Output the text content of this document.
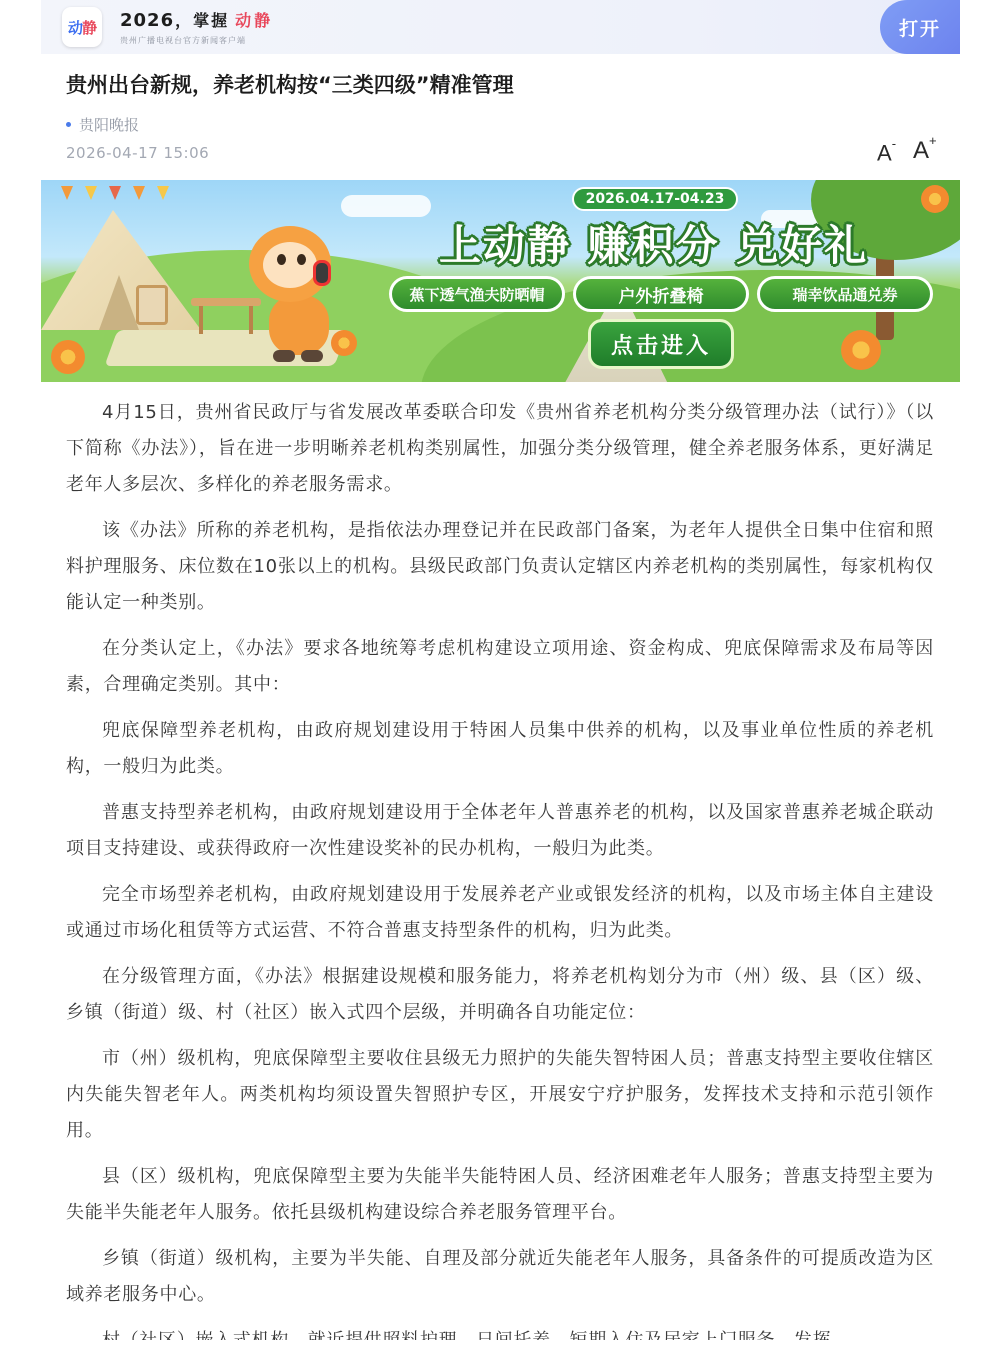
动 静 2026 ， 掌握 动静
贵州广播电视台官方新闻客户端
打开
贵州出台新规，养老机构按“三类四级”精准管理
贵阳晚报
2026-04-17 15:06	A- A+
2026.04.17-04.23
上动静 赚积分 兑好礼
蕉下透气渔夫防晒帽	户外折叠椅	瑞幸饮品通兑券
点击进入

4月15日，贵州省民政厅与省发展改革委联合印发《贵州省养老机构分类分级管理办法（试行）》（以下简称《办法》），旨在进一步明晰养老机构类别属性，加强分类分级管理，健全养老服务体系，更好满足老年人多层次、多样化的养老服务需求。

该《办法》所称的养老机构，是指依法办理登记并在民政部门备案，为老年人提供全日集中住宿和照料护理服务、床位数在10张以上的机构。县级民政部门负责认定辖区内养老机构的类别属性，每家机构仅能认定一种类别。

在分类认定上，《办法》要求各地统筹考虑机构建设立项用途、资金构成、兜底保障需求及布局等因素，合理确定类别。其中：

兜底保障型养老机构，由政府规划建设用于特困人员集中供养的机构，以及事业单位性质的养老机构，一般归为此类。

普惠支持型养老机构，由政府规划建设用于全体老年人普惠养老的机构，以及国家普惠养老城企联动项目支持建设、或获得政府一次性建设奖补的民办机构，一般归为此类。

完全市场型养老机构，由政府规划建设用于发展养老产业或银发经济的机构，以及市场主体自主建设或通过市场化租赁等方式运营、不符合普惠支持型条件的机构，归为此类。

在分级管理方面，《办法》根据建设规模和服务能力，将养老机构划分为市（州）级、县（区）级、乡镇（街道）级、村（社区）嵌入式四个层级，并明确各自功能定位：

市（州）级机构，兜底保障型主要收住县级无力照护的失能失智特困人员；普惠支持型主要收住辖区内失能失智老年人。两类机构均须设置失智照护专区，开展安宁疗护服务，发挥技术支持和示范引领作用。

县（区）级机构，兜底保障型主要为失能半失能特困人员、经济困难老年人服务；普惠支持型主要为失能半失能老年人服务。依托县级机构建设综合养老服务管理平台。

乡镇（街道）级机构，主要为半失能、自理及部分就近失能老年人服务，具备条件的可提质改造为区域养老服务中心。
